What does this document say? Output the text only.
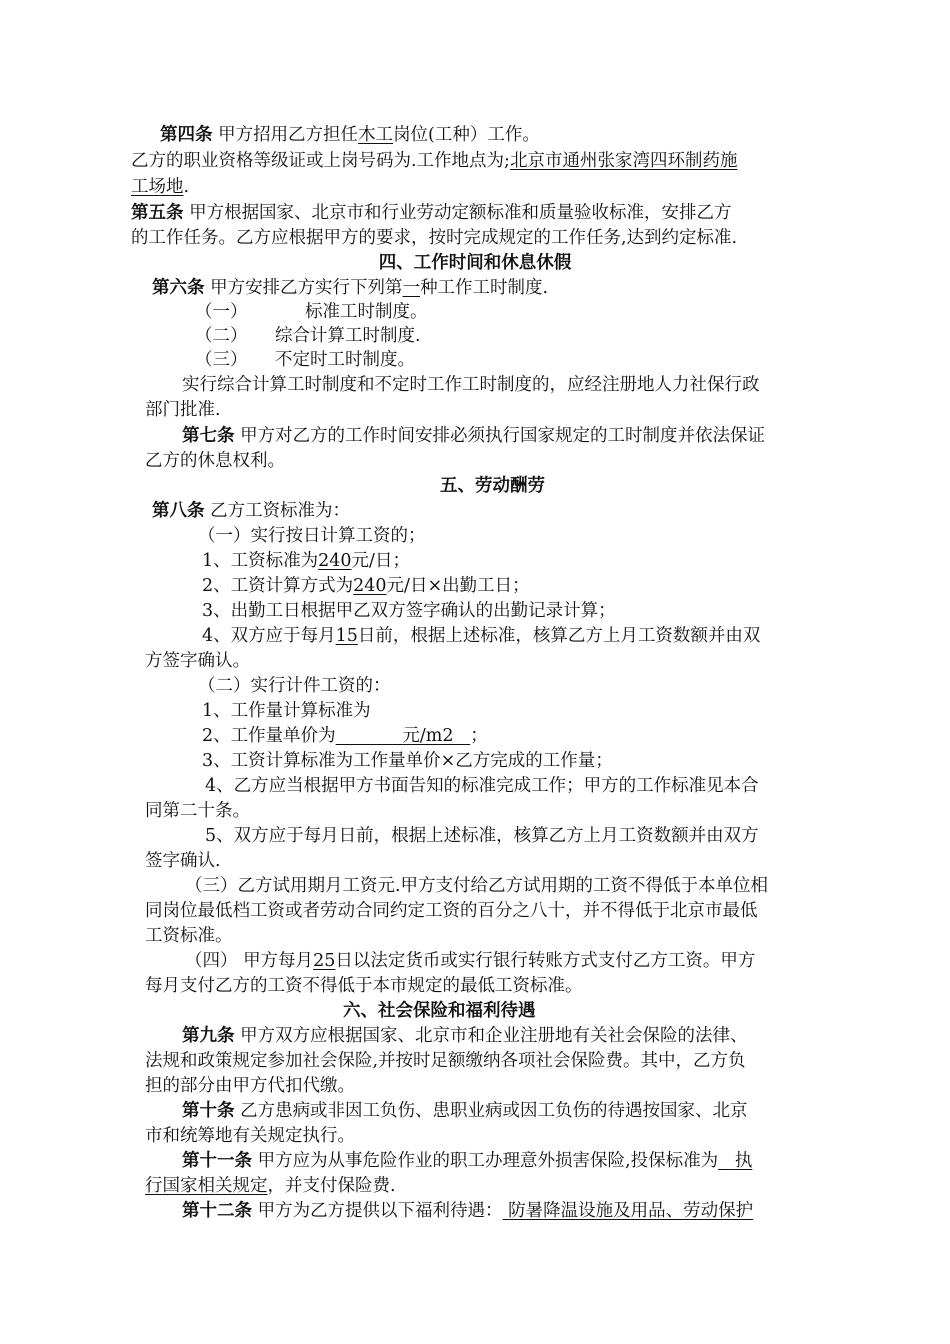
第四条 甲方招用乙方担任木工岗位(工种）工作。
乙方的职业资格等级证或上岗号码为.工作地点为;北京市通州张家湾四环制药施
工场地.
第五条 甲方根据国家、北京市和行业劳动定额标准和质量验收标准，安排乙方
的工作任务。乙方应根据甲方的要求，按时完成规定的工作任务,达到约定标准.
四、工作时间和休息休假
第六条 甲方安排乙方实行下列第一种工作工时制度.
（一）	标准工时制度。
（二） 综合计算工时制度.
（三） 不定时工时制度。
实行综合计算工时制度和不定时工作工时制度的，应经注册地人力社保行政
部门批准.
第七条 甲方对乙方的工作时间安排必须执行国家规定的工时制度并依法保证
乙方的休息权利。
五、劳动酬劳
第八条 乙方工资标准为：
（一）实行按日计算工资的；
1、工资标准为240元/日；
2、工资计算方式为240元/日×出勤工日；
3、出勤工日根据甲乙双方签字确认的出勤记录计算；
4、双方应于每月15日前，根据上述标准，核算乙方上月工资数额并由双
方签字确认。
（二）实行计件工资的：
1、工作量计算标准为
2、工作量单价为	元/m2 ；
3、工资计算标准为工作量单价×乙方完成的工作量；
4、乙方应当根据甲方书面告知的标准完成工作；甲方的工作标准见本合
同第二十条。
5、双方应于每月日前，根据上述标准，核算乙方上月工资数额并由双方
签字确认.
（三）乙方试用期月工资元.甲方支付给乙方试用期的工资不得低于本单位相
同岗位最低档工资或者劳动合同约定工资的百分之八十，并不得低于北京市最低
工资标准。
（四） 甲方每月25日以法定货币或实行银行转账方式支付乙方工资。甲方
每月支付乙方的工资不得低于本市规定的最低工资标准。
六、社会保险和福利待遇
第九条 甲方双方应根据国家、北京市和企业注册地有关社会保险的法律、
法规和政策规定参加社会保险,并按时足额缴纳各项社会保险费。其中，乙方负
担的部分由甲方代扣代缴。
第十条 乙方患病或非因工负伤、患职业病或因工负伤的待遇按国家、北京
市和统筹地有关规定执行。
第十一条 甲方应为从事危险作业的职工办理意外损害保险,投保标准为 执
行国家相关规定，并支付保险费.
第十二条 甲方为乙方提供以下福利待遇： 防暑降温设施及用品、劳动保护
